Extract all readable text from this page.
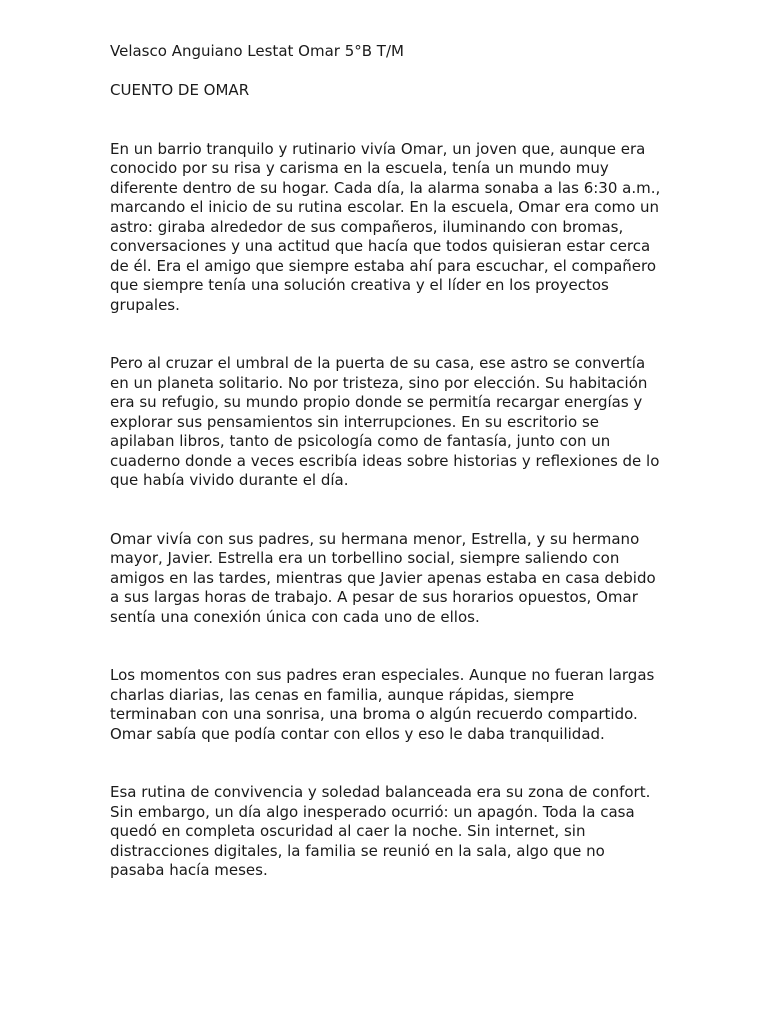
Velasco Anguiano Lestat Omar 5°B T/M

CUENTO DE OMAR

En un barrio tranquilo y rutinario vivía Omar, un joven que, aunque era conocido por su risa y carisma en la escuela, tenía un mundo muy diferente dentro de su hogar. Cada día, la alarma sonaba a las 6:30 a.m., marcando el inicio de su rutina escolar. En la escuela, Omar era como un astro: giraba alrededor de sus compañeros, iluminando con bromas, conversaciones y una actitud que hacía que todos quisieran estar cerca de él. Era el amigo que siempre estaba ahí para escuchar, el compañero que siempre tenía una solución creativa y el líder en los proyectos grupales.

Pero al cruzar el umbral de la puerta de su casa, ese astro se convertía en un planeta solitario. No por tristeza, sino por elección. Su habitación era su refugio, su mundo propio donde se permitía recargar energías y explorar sus pensamientos sin interrupciones. En su escritorio se apilaban libros, tanto de psicología como de fantasía, junto con un cuaderno donde a veces escribía ideas sobre historias y reflexiones de lo que había vivido durante el día.

Omar vivía con sus padres, su hermana menor, Estrella, y su hermano mayor, Javier. Estrella era un torbellino social, siempre saliendo con amigos en las tardes, mientras que Javier apenas estaba en casa debido a sus largas horas de trabajo. A pesar de sus horarios opuestos, Omar sentía una conexión única con cada uno de ellos.

Los momentos con sus padres eran especiales. Aunque no fueran largas charlas diarias, las cenas en familia, aunque rápidas, siempre terminaban con una sonrisa, una broma o algún recuerdo compartido. Omar sabía que podía contar con ellos y eso le daba tranquilidad.

Esa rutina de convivencia y soledad balanceada era su zona de confort. Sin embargo, un día algo inesperado ocurrió: un apagón. Toda la casa quedó en completa oscuridad al caer la noche. Sin internet, sin distracciones digitales, la familia se reunió en la sala, algo que no pasaba hacía meses.
